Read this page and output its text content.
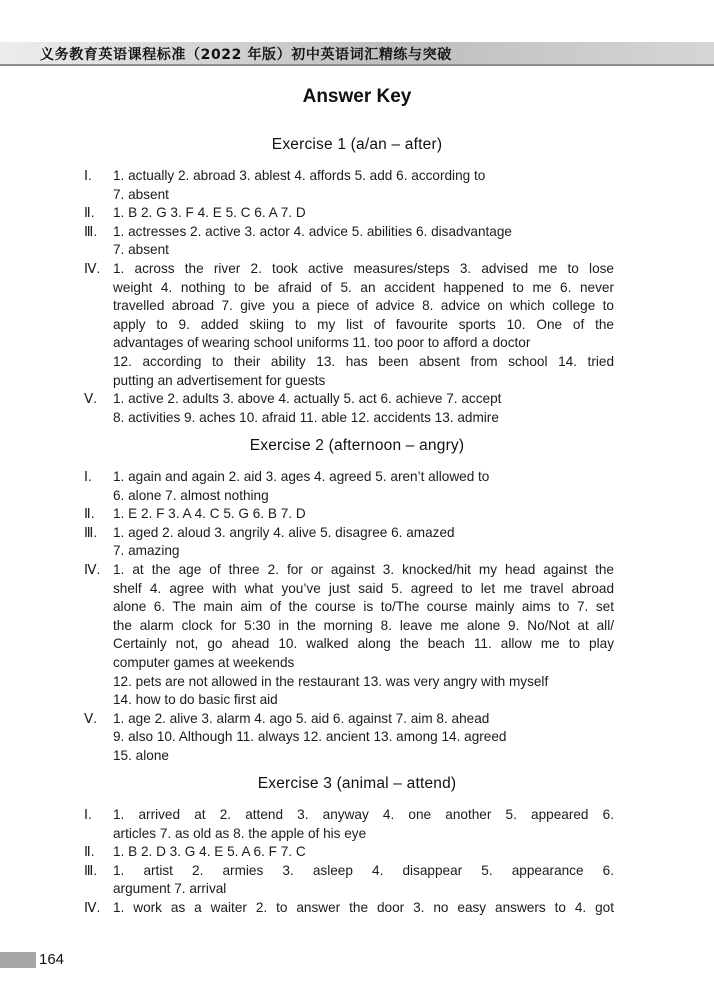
义务教育英语课程标准（2022 年版）初中英语词汇精练与突破
Answer Key
Exercise 1 (a/an – after)
Ⅰ.	1. actually 2. abroad 3. ablest 4. affords 5. add 6. according to
7. absent
Ⅱ.	1. B 2. G 3. F 4. E 5. C 6. A 7. D
Ⅲ.	1. actresses 2. active 3. actor 4. advice 5. abilities 6. disadvantage
7. absent
Ⅳ. 1. across the river 2. took active measures/steps 3. advised me to lose
weight 4. nothing to be afraid of 5. an accident happened to me 6. never
travelled abroad 7. give you a piece of advice 8. advice on which college to
apply to 9. added skiing to my list of favourite sports 10. One of the
advantages of wearing school uniforms 11. too poor to afford a doctor
12. according to their ability 13. has been absent from school 14. tried
putting an advertisement for guests
Ⅴ.	1. active 2. adults 3. above 4. actually 5. act 6. achieve 7. accept
8. activities 9. aches 10. afraid 11. able 12. accidents 13. admire
Exercise 2 (afternoon – angry)
Ⅰ.	1. again and again 2. aid 3. ages 4. agreed 5. aren’t allowed to
6. alone 7. almost nothing
Ⅱ.	1. E 2. F 3. A 4. C 5. G 6. B 7. D
Ⅲ.	1. aged 2. aloud 3. angrily 4. alive 5. disagree 6. amazed
7. amazing
Ⅳ. 1. at the age of three 2. for or against 3. knocked/hit my head against the
shelf 4. agree with what you’ve just said 5. agreed to let me travel abroad
alone 6. The main aim of the course is to/The course mainly aims to 7. set
the alarm clock for 5:30 in the morning 8. leave me alone 9. No/Not at all/
Certainly not, go ahead 10. walked along the beach 11. allow me to play
computer games at weekends
12. pets are not allowed in the restaurant 13. was very angry with myself
14. how to do basic first aid
Ⅴ.	1. age 2. alive 3. alarm 4. ago 5. aid 6. against 7. aim 8. ahead
9. also 10. Although 11. always 12. ancient 13. among 14. agreed
15. alone
Exercise 3 (animal – attend)
Ⅰ.	1. arrived at 2. attend 3. anyway 4. one another 5. appeared 6.
articles 7. as old as 8. the apple of his eye
Ⅱ.	1. B 2. D 3. G 4. E 5. A 6. F 7. C
Ⅲ.	1. artist 2. armies 3. asleep 4. disappear 5. appearance 6.
argument 7. arrival
Ⅳ. 1. work as a waiter 2. to answer the door 3. no easy answers to 4. got
164
